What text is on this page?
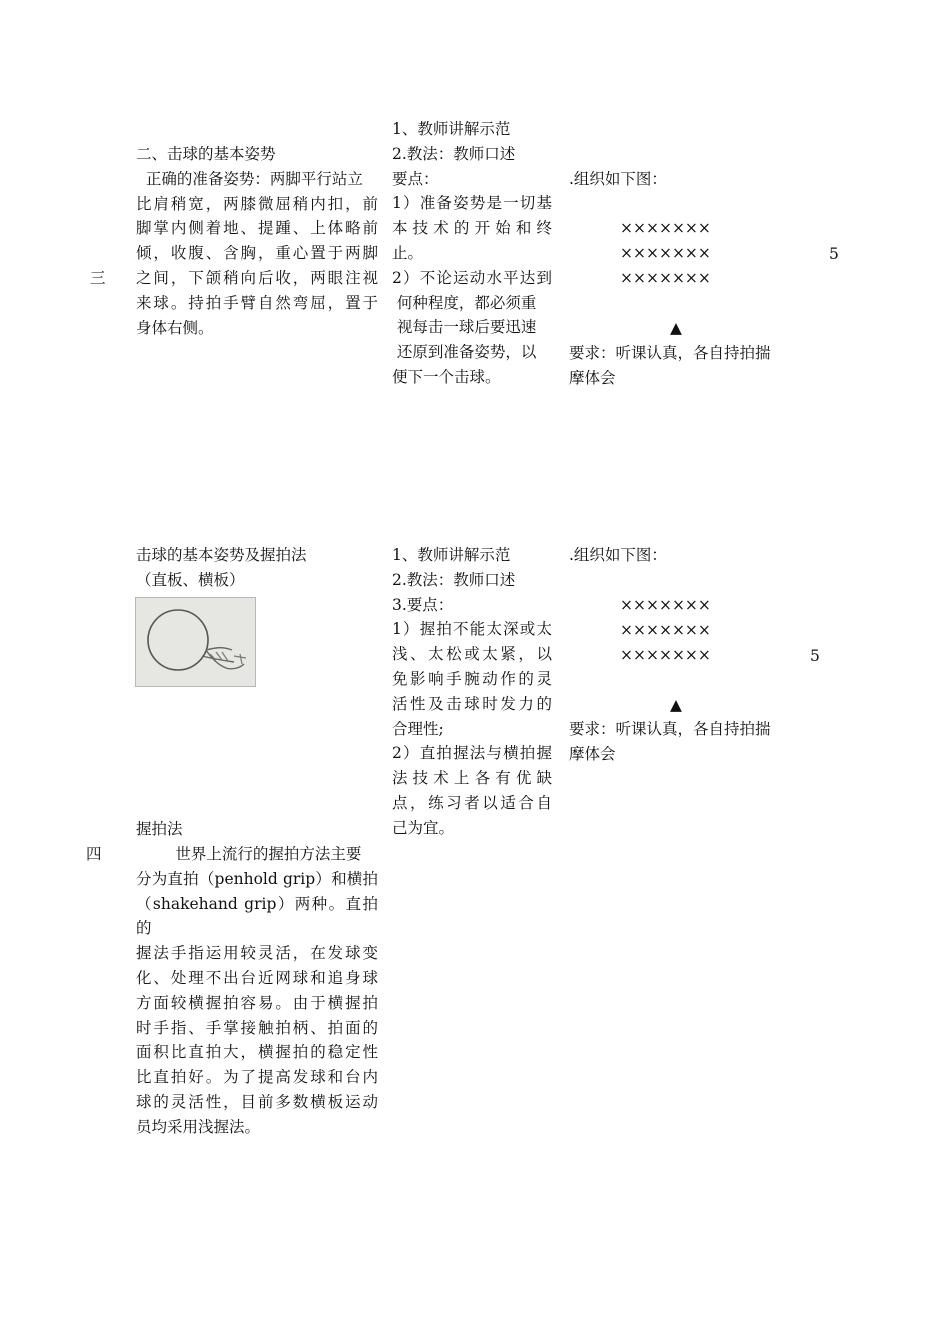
三
二、击球的基本姿势
正确的准备姿势：两脚平行站立
比肩稍宽，两膝微屈稍内扣，前
脚掌内侧着地、提踵、上体略前
倾，收腹、含胸，重心置于两脚
之间，下颌稍向后收，两眼注视
来球。持拍手臂自然弯屈，置于
身体右侧。
1、教师讲解示范
2.教法：教师口述
要点：
1）准备姿势是一切基
本技术的开始和终
止。
2）不论运动水平达到
何种程度，都必须重
视每击一球后要迅速
还原到准备姿势，以
便下一个击球。
.组织如下图：
×××××××
×××××××
×××××××
▲
要求：听课认真，各自持拍揣
摩体会
5
击球的基本姿势及握拍法
（直板、横板）
握拍法
四 世界上流行的握拍方法主要
分为直拍（penhold grip）和横拍
（shakehand grip）两种。直拍的
握法手指运用较灵活，在发球变
化、处理不出台近网球和追身球
方面较横握拍容易。由于横握拍
时手指、手掌接触拍柄、拍面的
面积比直拍大，横握拍的稳定性
比直拍好。为了提高发球和台内
球的灵活性，目前多数横板运动
员均采用浅握法。
1、教师讲解示范
2.教法：教师口述
3.要点：
1）握拍不能太深或太
浅、太松或太紧，以
免影响手腕动作的灵
活性及击球时发力的
合理性;
2）直拍握法与横拍握
法技术上各有优缺
点，练习者以适合自
己为宜。
.组织如下图：
×××××××
×××××××
×××××××
▲
要求：听课认真，各自持拍揣
摩体会
5
